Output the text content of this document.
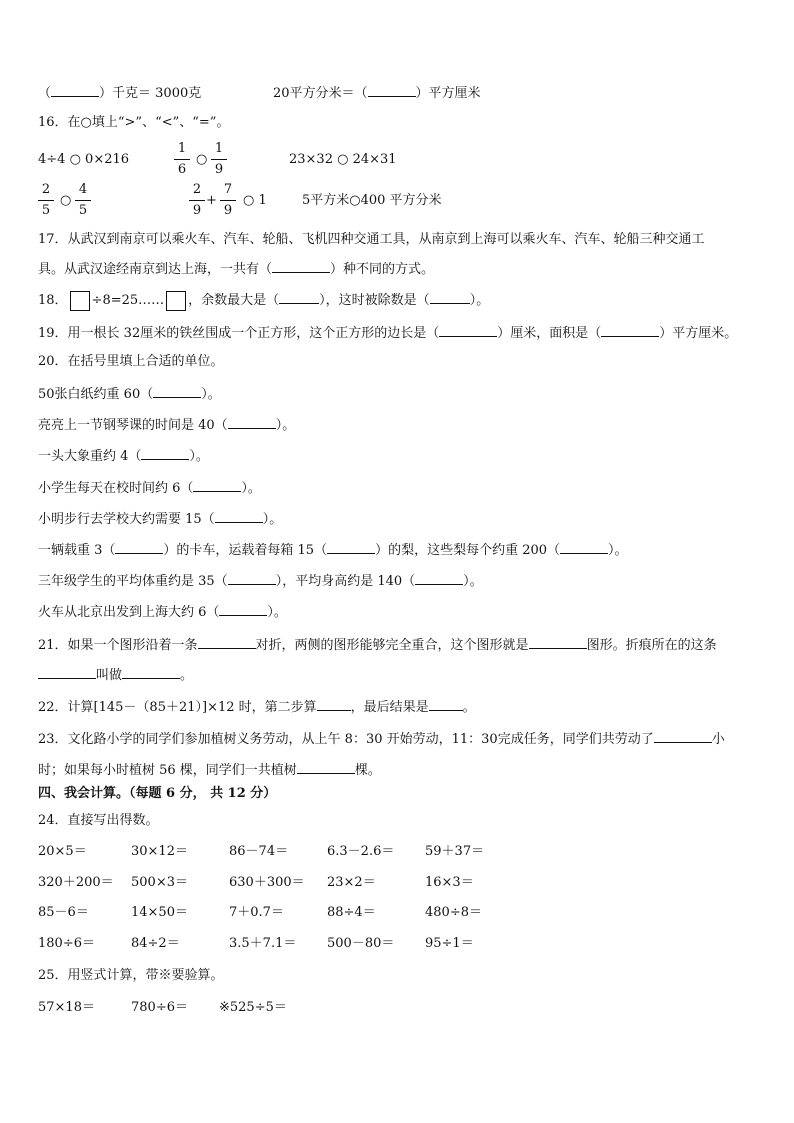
（	）千克＝ 3000克	20平方分米＝（	）平方厘米
16．在○填上“>”、“<”、“=”。
4÷4 ○ 0×216	$\frac{1}{6}$ ○ $\frac{1}{9}$	23×32 ○ 24×31
$\frac{2}{5}$ ○ $\frac{4}{5}$	$\frac{2}{9} + \frac{7}{9}$ ○ 1	5平方米○400 平方分米
17．从武汉到南京可以乘火车、汽车、轮船、飞机四种交通工具，从南京到上海可以乘火车、汽车、轮船三种交通工
具。从武汉途经南京到达上海，一共有（	）种不同的方式。
18． ÷8=25…… ，余数最大是（	），这时被除数是（	）。
19．用一根长 32厘米的铁丝围成一个正方形，这个正方形的边长是（	）厘米，面积是（	）平方厘米。
20．在括号里填上合适的单位。
50张白纸约重 60（	）。
亮亮上一节钢琴课的时间是 40（	）。
一头大象重约 4（	）。
小学生每天在校时间约 6（	）。
小明步行去学校大约需要 15（	）。
一辆载重 3（	）的卡车，运载着每箱 15（	）的梨，这些梨每个约重 200（	）。
三年级学生的平均体重约是 35（	），平均身高约是 140（	）。
火车从北京出发到上海大约 6（	）。
21．如果一个图形沿着一条	对折，两侧的图形能够完全重合，这个图形就是	图形。折痕所在的这条
叫做	。
22．计算[145－（85＋21）]×12 时，第二步算	，最后结果是	。
23．文化路小学的同学们参加植树义务劳动，从上午 8：30 开始劳动，11：30完成任务，同学们共劳动了	小
时；如果每小时植树 56 棵，同学们一共植树	棵。
四、我会计算。（每题 6 分， 共 12 分）
24．直接写出得数。
20×5＝	30×12＝	86－74＝	6.3－2.6＝ 59＋37＝
320＋200＝ 500×3＝	630＋300＝ 23×2＝	16×3＝
85－6＝	14×50＝	7＋0.7＝	88÷4＝	480÷8＝
180÷6＝	84÷2＝	3.5＋7.1＝ 500－80＝ 95÷1＝
25．用竖式计算，带※要验算。
57×18＝	780÷6＝ ※525÷5＝
